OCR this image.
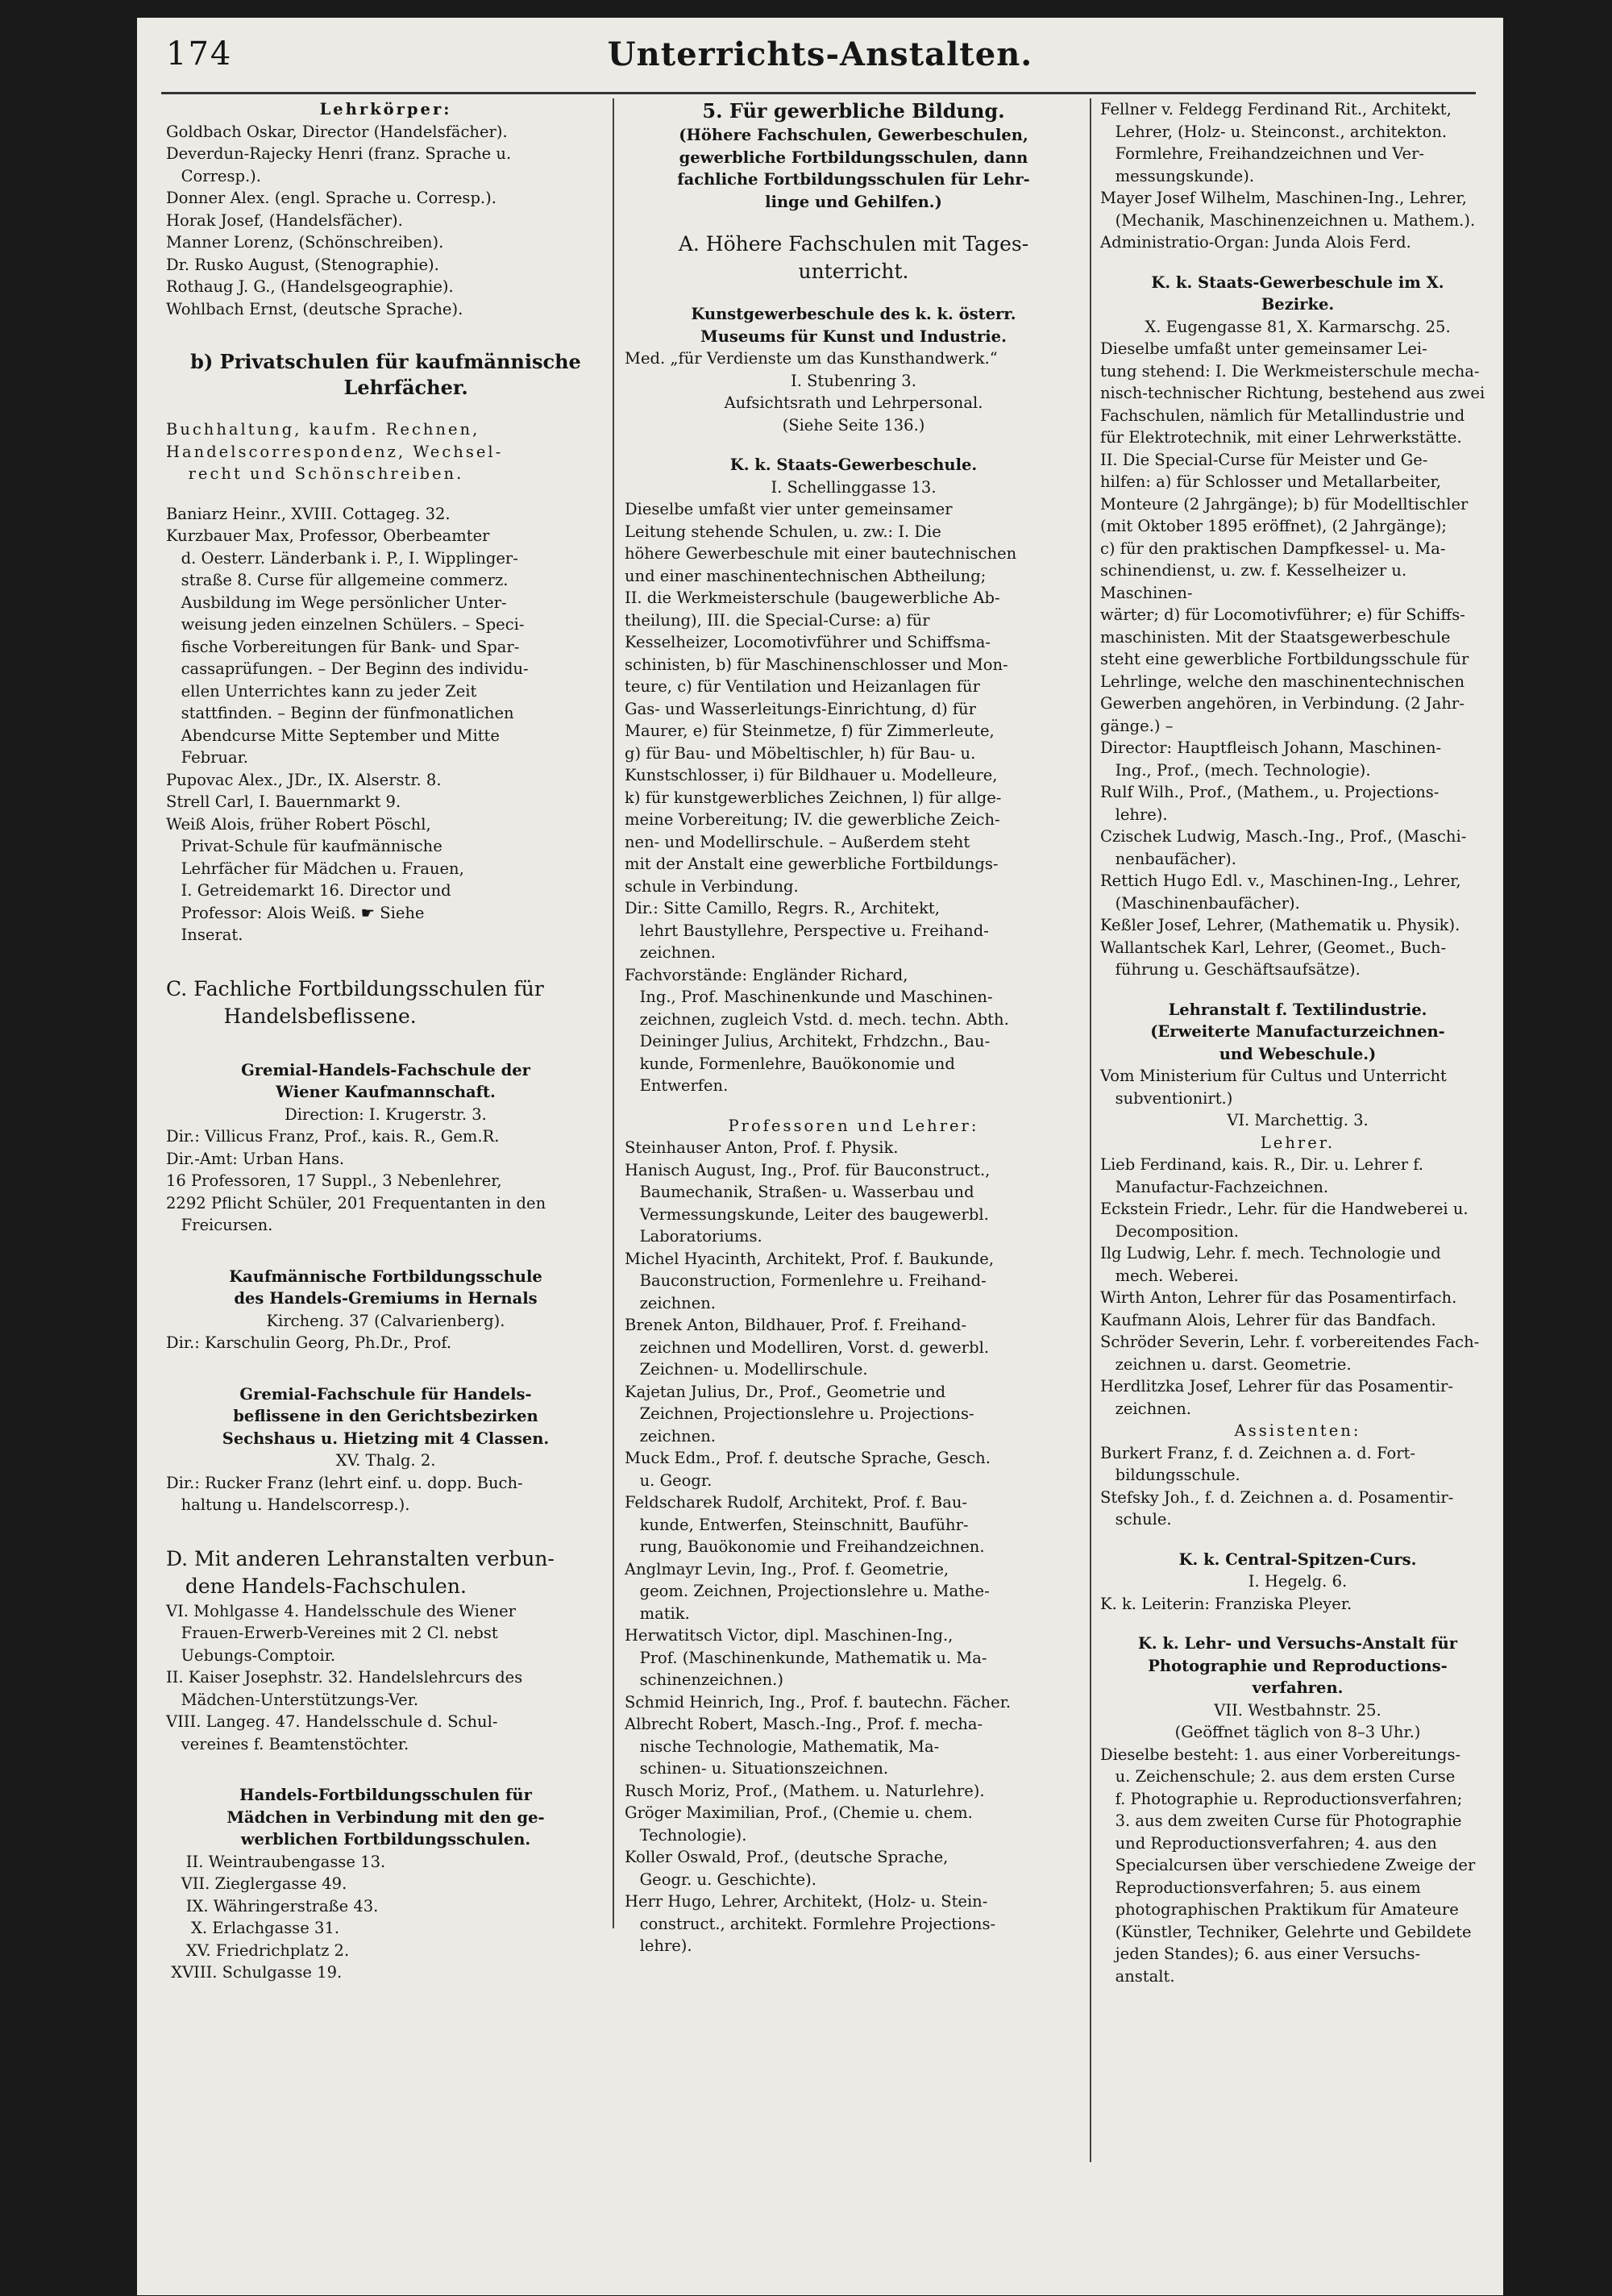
174	Unterrichts-Anstalten.
Lehrkörper:
Goldbach Oskar, Director (Handelsfächer).
Deverdun-Rajecky Henri (franz. Sprache u.
Corresp.).
Donner Alex. (engl. Sprache u. Corresp.).
Horak Josef, (Handelsfächer).
Manner Lorenz, (Schönschreiben).
Dr. Rusko August, (Stenographie).
Rothaug J. G., (Handelsgeographie).
Wohlbach Ernst, (deutsche Sprache).
b) Privatschulen für kaufmännische
Lehrfächer.
Buchhaltung, kaufm. Rechnen,
Handelscorrespondenz, Wechsel-
recht und Schönschreiben.
Baniarz Heinr., XVIII. Cottageg. 32.
Kurzbauer Max, Professor, Oberbeamter
d. Oesterr. Länderbank i. P., I. Wipplinger-
straße 8. Curse für allgemeine commerz.
Ausbildung im Wege persönlicher Unter-
weisung jeden einzelnen Schülers. – Speci-
fische Vorbereitungen für Bank- und Spar-
cassaprüfungen. – Der Beginn des individu-
ellen Unterrichtes kann zu jeder Zeit
stattfinden. – Beginn der fünfmonatlichen
Abendcurse Mitte September und Mitte
Februar.
Pupovac Alex., JDr., IX. Alserstr. 8.
Strell Carl, I. Bauernmarkt 9.
Weiß Alois, früher Robert Pöschl,
Privat-Schule für kaufmännische
Lehrfächer für Mädchen u. Frauen,
I. Getreidemarkt 16. Director und
Professor: Alois Weiß. ☛ Siehe
Inserat.
C. Fachliche Fortbildungsschulen für
Handelsbeflissene.
Gremial-Handels-Fachschule der
Wiener Kaufmannschaft.
Direction: I. Krugerstr. 3.
Dir.: Villicus Franz, Prof., kais. R., Gem.R.
Dir.-Amt: Urban Hans.
16 Professoren, 17 Suppl., 3 Nebenlehrer,
2292 Pflicht Schüler, 201 Frequentanten in den
Freicursen.
Kaufmännische Fortbildungsschule
des Handels-Gremiums in Hernals
Kircheng. 37 (Calvarienberg).
Dir.: Karschulin Georg, Ph.Dr., Prof.
Gremial-Fachschule für Handels-
beflissene in den Gerichtsbezirken
Sechshaus u. Hietzing mit 4 Classen.
XV. Thalg. 2.
Dir.: Rucker Franz (lehrt einf. u. dopp. Buch-
haltung u. Handelscorresp.).
D. Mit anderen Lehranstalten verbun-
dene Handels-Fachschulen.
VI. Mohlgasse 4. Handelsschule des Wiener
Frauen-Erwerb-Vereines mit 2 Cl. nebst
Uebungs-Comptoir.
II. Kaiser Josephstr. 32. Handelslehrcurs des
Mädchen-Unterstützungs-Ver.
VIII. Langeg. 47. Handelsschule d. Schul-
vereines f. Beamtenstöchter.
Handels-Fortbildungsschulen für
Mädchen in Verbindung mit den ge-
werblichen Fortbildungsschulen.
II. Weintraubengasse 13.
VII. Zieglergasse 49.
IX. Währingerstraße 43.
X. Erlachgasse 31.
XV. Friedrichplatz 2.
XVIII. Schulgasse 19.
5. Für gewerbliche Bildung.
(Höhere Fachschulen, Gewerbeschulen,
gewerbliche Fortbildungsschulen, dann
fachliche Fortbildungsschulen für Lehr-
linge und Gehilfen.)
A. Höhere Fachschulen mit Tages-
unterricht.
Kunstgewerbeschule des k. k. österr.
Museums für Kunst und Industrie.
Med. „für Verdienste um das Kunsthandwerk.“
I. Stubenring 3.
Aufsichtsrath und Lehrpersonal.
(Siehe Seite 136.)
K. k. Staats-Gewerbeschule.
I. Schellinggasse 13.
Dieselbe umfaßt vier unter gemeinsamer
Leitung stehende Schulen, u. zw.: I. Die
höhere Gewerbeschule mit einer bautechnischen
und einer maschinentechnischen Abtheilung;
II. die Werkmeisterschule (baugewerbliche Ab-
theilung), III. die Special-Curse: a) für
Kesselheizer, Locomotivführer und Schiffsma-
schinisten, b) für Maschinenschlosser und Mon-
teure, c) für Ventilation und Heizanlagen für
Gas- und Wasserleitungs-Einrichtung, d) für
Maurer, e) für Steinmetze, f) für Zimmerleute,
g) für Bau- und Möbeltischler, h) für Bau- u.
Kunstschlosser, i) für Bildhauer u. Modelleure,
k) für kunstgewerbliches Zeichnen, l) für allge-
meine Vorbereitung; IV. die gewerbliche Zeich-
nen- und Modellirschule. – Außerdem steht
mit der Anstalt eine gewerbliche Fortbildungs-
schule in Verbindung.
Dir.: Sitte Camillo, Regrs. R., Architekt,
lehrt Baustyllehre, Perspective u. Freihand-
zeichnen.
Fachvorstände: Engländer Richard,
Ing., Prof. Maschinenkunde und Maschinen-
zeichnen, zugleich Vstd. d. mech. techn. Abth.
Deininger Julius, Architekt, Frhdzchn., Bau-
kunde, Formenlehre, Bauökonomie und
Entwerfen.
Professoren und Lehrer:
Steinhauser Anton, Prof. f. Physik.
Hanisch August, Ing., Prof. für Bauconstruct.,
Baumechanik, Straßen- u. Wasserbau und
Vermessungskunde, Leiter des baugewerbl.
Laboratoriums.
Michel Hyacinth, Architekt, Prof. f. Baukunde,
Bauconstruction, Formenlehre u. Freihand-
zeichnen.
Brenek Anton, Bildhauer, Prof. f. Freihand-
zeichnen und Modelliren, Vorst. d. gewerbl.
Zeichnen- u. Modellirschule.
Kajetan Julius, Dr., Prof., Geometrie und
Zeichnen, Projectionslehre u. Projections-
zeichnen.
Muck Edm., Prof. f. deutsche Sprache, Gesch.
u. Geogr.
Feldscharek Rudolf, Architekt, Prof. f. Bau-
kunde, Entwerfen, Steinschnitt, Bauführ-
rung, Bauökonomie und Freihandzeichnen.
Anglmayr Levin, Ing., Prof. f. Geometrie,
geom. Zeichnen, Projectionslehre u. Mathe-
matik.
Herwatitsch Victor, dipl. Maschinen-Ing.,
Prof. (Maschinenkunde, Mathematik u. Ma-
schinenzeichnen.)
Schmid Heinrich, Ing., Prof. f. bautechn. Fächer.
Albrecht Robert, Masch.-Ing., Prof. f. mecha-
nische Technologie, Mathematik, Ma-
schinen- u. Situationszeichnen.
Rusch Moriz, Prof., (Mathem. u. Naturlehre).
Gröger Maximilian, Prof., (Chemie u. chem.
Technologie).
Koller Oswald, Prof., (deutsche Sprache,
Geogr. u. Geschichte).
Herr Hugo, Lehrer, Architekt, (Holz- u. Stein-
construct., architekt. Formlehre Projections-
lehre).
Fellner v. Feldegg Ferdinand Rit., Architekt,
Lehrer, (Holz- u. Steinconst., architekton.
Formlehre, Freihandzeichnen und Ver-
messungskunde).
Mayer Josef Wilhelm, Maschinen-Ing., Lehrer,
(Mechanik, Maschinenzeichnen u. Mathem.).
Administratio-Organ: Junda Alois Ferd.
K. k. Staats-Gewerbeschule im X.
Bezirke.
X. Eugengasse 81, X. Karmarschg. 25.
Dieselbe umfaßt unter gemeinsamer Lei-
tung stehend: I. Die Werkmeisterschule mecha-
nisch-technischer Richtung, bestehend aus zwei
Fachschulen, nämlich für Metallindustrie und
für Elektrotechnik, mit einer Lehrwerkstätte.
II. Die Special-Curse für Meister und Ge-
hilfen: a) für Schlosser und Metallarbeiter,
Monteure (2 Jahrgänge); b) für Modelltischler
(mit Oktober 1895 eröffnet), (2 Jahrgänge);
c) für den praktischen Dampfkessel- u. Ma-
schinendienst, u. zw. f. Kesselheizer u. Maschinen-
wärter; d) für Locomotivführer; e) für Schiffs-
maschinisten. Mit der Staatsgewerbeschule
steht eine gewerbliche Fortbildungsschule für
Lehrlinge, welche den maschinentechnischen
Gewerben angehören, in Verbindung. (2 Jahr-
gänge.) –
Director: Hauptfleisch Johann, Maschinen-
Ing., Prof., (mech. Technologie).
Rulf Wilh., Prof., (Mathem., u. Projections-
lehre).
Czischek Ludwig, Masch.-Ing., Prof., (Maschi-
nenbaufächer).
Rettich Hugo Edl. v., Maschinen-Ing., Lehrer,
(Maschinenbaufächer).
Keßler Josef, Lehrer, (Mathematik u. Physik).
Wallantschek Karl, Lehrer, (Geomet., Buch-
führung u. Geschäftsaufsätze).
Lehranstalt f. Textilindustrie.
(Erweiterte Manufacturzeichnen-
und Webeschule.)
Vom Ministerium für Cultus und Unterricht
subventionirt.)
VI. Marchettig. 3.
Lehrer.
Lieb Ferdinand, kais. R., Dir. u. Lehrer f.
Manufactur-Fachzeichnen.
Eckstein Friedr., Lehr. für die Handweberei u.
Decomposition.
Ilg Ludwig, Lehr. f. mech. Technologie und
mech. Weberei.
Wirth Anton, Lehrer für das Posamentirfach.
Kaufmann Alois, Lehrer für das Bandfach.
Schröder Severin, Lehr. f. vorbereitendes Fach-
zeichnen u. darst. Geometrie.
Herdlitzka Josef, Lehrer für das Posamentir-
zeichnen.
Assistenten:
Burkert Franz, f. d. Zeichnen a. d. Fort-
bildungsschule.
Stefsky Joh., f. d. Zeichnen a. d. Posamentir-
schule.
K. k. Central-Spitzen-Curs.
I. Hegelg. 6.
K. k. Leiterin: Franziska Pleyer.
K. k. Lehr- und Versuchs-Anstalt für
Photographie und Reproductions-
verfahren.
VII. Westbahnstr. 25.
(Geöffnet täglich von 8–3 Uhr.)
Dieselbe besteht: 1. aus einer Vorbereitungs-
u. Zeichenschule; 2. aus dem ersten Curse
f. Photographie u. Reproductionsverfahren;
3. aus dem zweiten Curse für Photographie
und Reproductionsverfahren; 4. aus den
Specialcursen über verschiedene Zweige der
Reproductionsverfahren; 5. aus einem
photographischen Praktikum für Amateure
(Künstler, Techniker, Gelehrte und Gebildete
jeden Standes); 6. aus einer Versuchs-
anstalt.
